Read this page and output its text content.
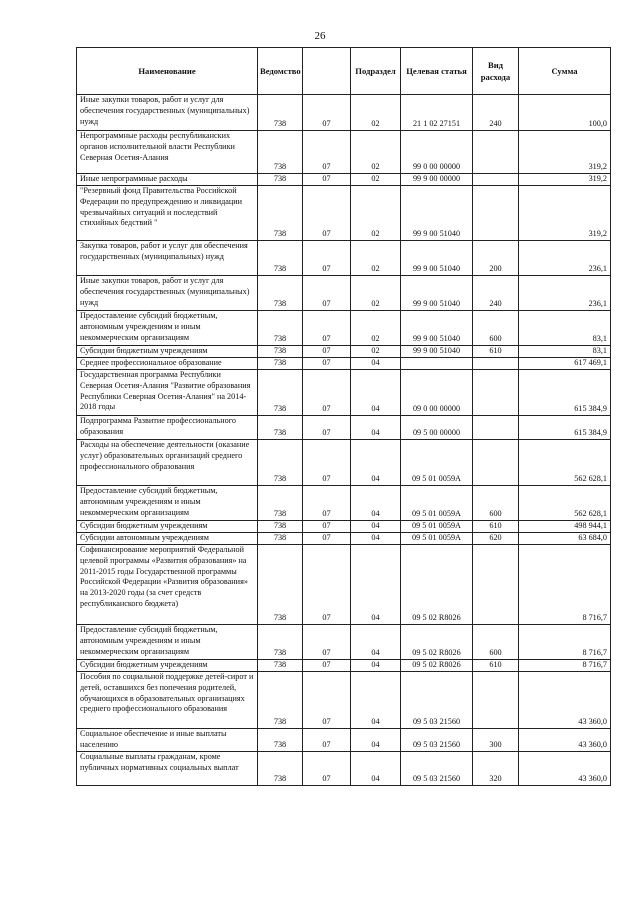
26
Наименование	Ведомство		Подраздел	Целевая статья	Вид расхода	Сумма
Иные закупки товаров, работ и услуг для обеспечения государственных (муниципальных) нужд	738	07	02	21 1 02 27151	240	100,0
Непрограммные расходы республиканских органов исполнительной власти Республики Северная Осетия-Алания	738	07	02	99 0 00 00000		319,2
Иные непрограммные расходы	738	07	02	99 9 00 00000		319,2
"Резервный фонд Правительства Российской Федерации по предупреждению и ликвидации чрезвычайных ситуаций и последствий стихийных бедствий "	738	07	02	99 9 00 51040		319,2
Закупка товаров, работ и услуг для обеспечения государственных (муниципальных) нужд	738	07	02	99 9 00 51040	200	236,1
Иные закупки товаров, работ и услуг для обеспечения государственных (муниципальных) нужд	738	07	02	99 9 00 51040	240	236,1
Предоставление субсидий бюджетным, автономным учреждениям и иным некоммерческим организациям	738	07	02	99 9 00 51040	600	83,1
Субсидии бюджетным учреждениям	738	07	02	99 9 00 51040	610	83,1
Среднее профессиональное образование	738	07	04			617 469,1
Государственная программа Республики Северная Осетия-Алания "Развитие образования Республики Северная Осетия-Алания" на 2014-2018 годы	738	07	04	09 0 00 00000		615 384,9
Подпрограмма Развитие профессионального образования	738	07	04	09 5 00 00000		615 384,9
Расходы на обеспечение деятельности (оказание услуг) образовательных организаций среднего профессионального образования	738	07	04	09 5 01 0059А		562 628,1
Предоставление субсидий бюджетным, автономным учреждениям и иным некоммерческим организациям	738	07	04	09 5 01 0059А	600	562 628,1
Субсидии бюджетным учреждениям	738	07	04	09 5 01 0059А	610	498 944,1
Субсидии автономным учреждениям	738	07	04	09 5 01 0059А	620	63 684,0
Софинансирование мероприятий Федеральной целевой программы «Развития образования» на 2011-2015 годы Государственной программы Российской Федерации «Развития образования» на 2013-2020 годы (за счет средств республиканского бюджета)	738	07	04	09 5 02 R8026		8 716,7
Предоставление субсидий бюджетным, автономным учреждениям и иным некоммерческим организациям	738	07	04	09 5 02 R8026	600	8 716,7
Субсидии бюджетным учреждениям	738	07	04	09 5 02 R8026	610	8 716,7
Пособия по социальной поддержке детей-сирот и детей, оставшихся без попечения родителей, обучающихся в образовательных организациях среднего профессионального образования	738	07	04	09 5 03 21560		43 360,0
Социальное обеспечение и иные выплаты населению	738	07	04	09 5 03 21560	300	43 360,0
Социальные выплаты гражданам, кроме публичных нормативных социальных выплат	738	07	04	09 5 03 21560	320	43 360,0
